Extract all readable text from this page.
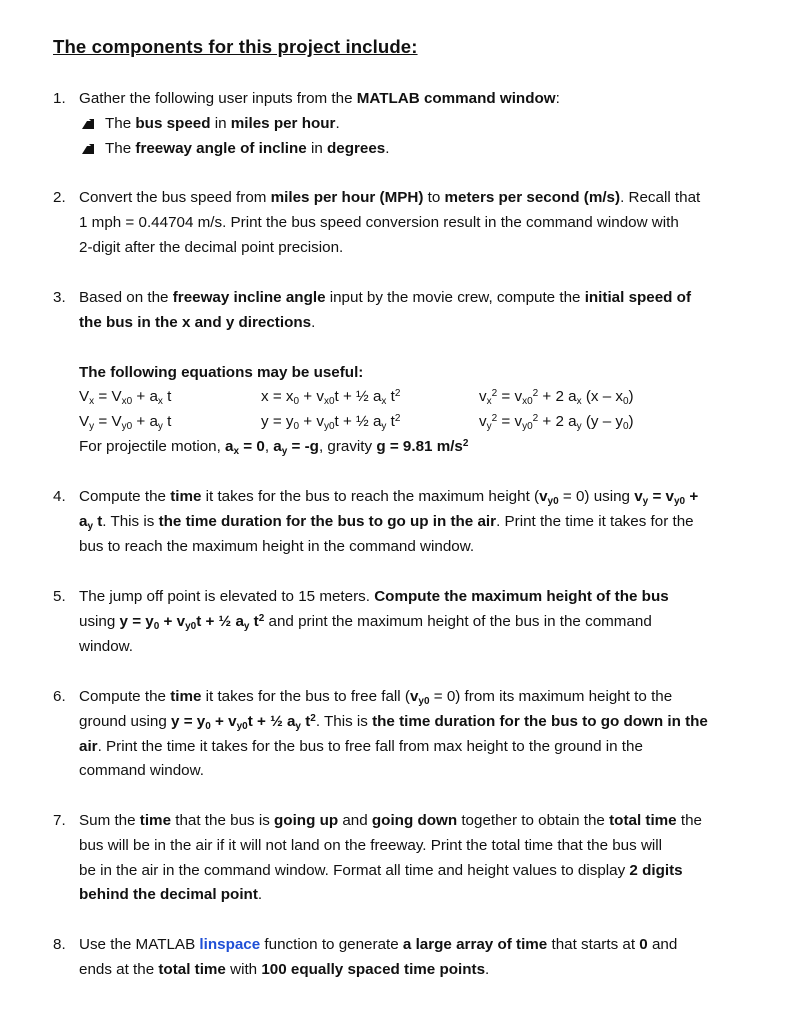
The components for this project include:
1. Gather the following user inputs from the MATLAB command window:
The bus speed in miles per hour.
The freeway angle of incline in degrees.
2. Convert the bus speed from miles per hour (MPH) to meters per second (m/s). Recall that
1 mph = 0.44704 m/s. Print the bus speed conversion result in the command window with
2-digit after the decimal point precision.
3. Based on the freeway incline angle input by the movie crew, compute the initial speed of
the bus in the x and y directions.
The following equations may be useful:
$V_x = V_{x0} + a_x$ t	$x = x_0 + v_{x0}t$ + ½ $a_x$ $t^2$	$v_x^2 = v_{x0}^2 + 2$ $a_x$ $(x - x_0)$
$V_y = V_{y0} + a_y$ t	$y = y_0 + v_{y0}t$ + ½ $a_y$ $t^2$	$v_y^2 = v_{y0}^2 + 2$ $a_y$ $(y - y_0)$
For projectile motion, $a_x = 0$, $a_y = -g$, gravity g = 9.81 $m/s^2$
4. Compute the time it takes for the bus to reach the maximum height $(v_{y0} = 0)$ using $v_y = v_{y0}$ +
$a_y$ t. This is the time duration for the bus to go up in the air. Print the time it takes for the
bus to reach the maximum height in the command window.
5. The jump off point is elevated to 15 meters. Compute the maximum height of the bus
using $y = y_0 + v_{y0}t$ + ½ $a_y$ $t^2$ and print the maximum height of the bus in the command
window.
6. Compute the time it takes for the bus to free fall $(v_{y0} = 0)$ from its maximum height to the
ground using $y = y_0 + v_{y0}t$ + ½ $a_y$ $t^2$. This is the time duration for the bus to go down in the
air. Print the time it takes for the bus to free fall from max height to the ground in the
command window.
7. Sum the time that the bus is going up and going down together to obtain the total time the
bus will be in the air if it will not land on the freeway. Print the total time that the bus will
be in the air in the command window. Format all time and height values to display 2 digits
behind the decimal point.
8. Use the MATLAB linspace function to generate a large array of time that starts at 0 and
ends at the total time with 100 equally spaced time points.
